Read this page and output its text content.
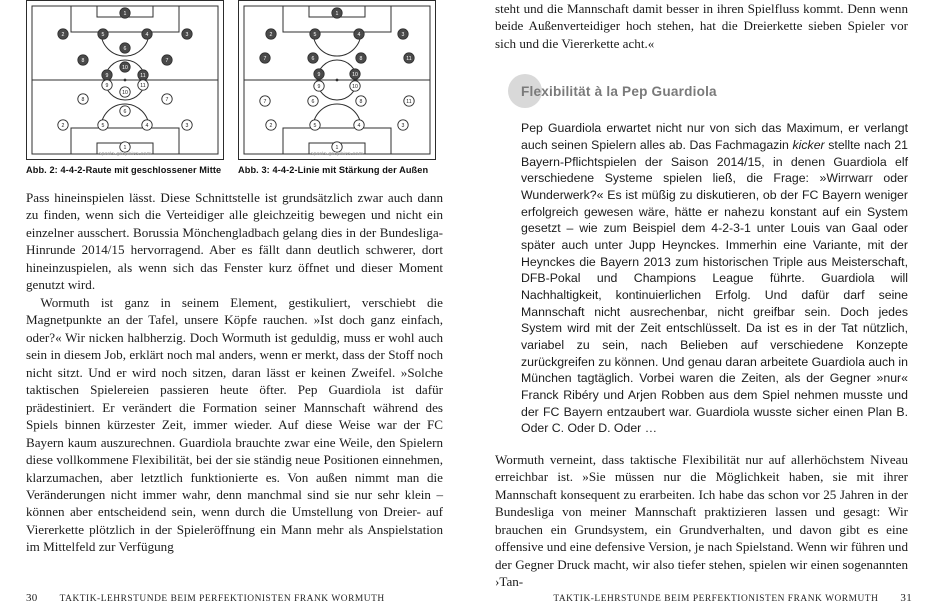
1
2	5	4	3
6
8	7
10
9	11
1
2	5	4	3
6
8	7
10
9	11
sports-graphics.com
Abb. 2: 4-4-2-Raute mit geschlossener Mitte
1
2	5	4	3
7	6	8	11
9	10
1
2	5	4	3
7	6	8	11
9	10
sports-graphics.com
Abb. 3: 4-4-2-Linie mit Stärkung der Außen

Pass hineinspielen lässt. Diese Schnittstelle ist grundsätzlich zwar auch dann zu finden, wenn sich die Verteidiger alle gleichzeitig bewegen und nicht ein einzelner ausschert. Borussia Mönchengladbach gelang dies in der Bundesliga-Hinrunde 2014/15 hervorragend. Aber es fällt dann deutlich schwerer, dort hineinzuspielen, als wenn sich das Fenster kurz öffnet und dieser Moment genutzt wird.

Wormuth ist ganz in seinem Element, gestikuliert, verschiebt die Magnetpunkte an der Tafel, unsere Köpfe rauchen. »Ist doch ganz einfach, oder?« Wir nicken halbherzig. Doch Wormuth ist geduldig, muss er wohl auch sein in diesem Job, erklärt noch mal anders, wenn er merkt, dass der Stoff noch nicht sitzt. Und er wird noch sitzen, daran lässt er keinen Zweifel. »Solche taktischen Spielereien passieren heute öfter. Pep Guardiola ist dafür prädestiniert. Er verändert die Formation seiner Mannschaft während des Spiels binnen kürzester Zeit, immer wieder. Auf diese Weise war der FC Bayern kaum auszurechnen. Guardiola brauchte zwar eine Weile, den Spielern diese vollkommene Flexibilität, bei der sie ständig neue Positionen einnehmen, klarzumachen, aber letztlich funktionierte es. Von außen nimmt man die Veränderungen nicht immer wahr, denn manchmal sind sie nur sehr klein – können aber entscheidend sein, wenn durch die Umstellung von Dreier- auf Viererkette plötzlich in der Spieleröffnung ein Mann mehr als Anspielstation im Mittelfeld zur Verfügung

30 TAKTIK-LEHRSTUNDE BEIM PERFEKTIONISTEN FRANK WORMUTH

steht und die Mannschaft damit besser in ihren Spielfluss kommt. Denn wenn beide Außenverteidiger hoch stehen, hat die Dreierkette sieben Spieler vor sich und die Viererkette acht.«

$_{Flexibilität à la Pep Guardiola}$

Pep Guardiola erwartet nicht nur von sich das Maximum, er verlangt auch seinen Spielern alles ab. Das Fachmagazin kicker stellte nach 21 Bayern-Pflichtspielen der Saison 2014/15, in denen Guardiola elf verschiedene Systeme spielen ließ, die Frage: »Wirrwarr oder Wunderwerk?« Es ist müßig zu diskutieren, ob der FC Bayern weniger erfolgreich gewesen wäre, hätte er nahezu konstant auf ein System gesetzt – wie zum Beispiel dem 4-2-3-1 unter Louis van Gaal oder später auch unter Jupp Heynckes. Immerhin eine Variante, mit der Heynckes die Bayern 2013 zum historischen Triple aus Meisterschaft, DFB-Pokal und Champions League führte. Guardiola will Nachhaltigkeit, kontinuierlichen Erfolg. Und dafür darf seine Mannschaft nicht ausrechenbar, nicht greifbar sein. Doch jedes System wird mit der Zeit entschlüsselt. Da ist es in der Tat nützlich, variabel zu sein, nach Belieben auf verschiedene Konzepte zurückgreifen zu können. Und genau daran arbeitete Guardiola auch in München tagtäglich. Vorbei waren die Zeiten, als der Gegner »nur« Franck Ribéry und Arjen Robben aus dem Spiel nehmen musste und der FC Bayern entzaubert war. Guardiola wusste sicher einen Plan B. Oder C. Oder D. Oder …

Wormuth verneint, dass taktische Flexibilität nur auf allerhöchstem Niveau erreichbar ist. »Sie müssen nur die Möglichkeit haben, sie mit ihrer Mannschaft konsequent zu erarbeiten. Ich habe das schon vor 25 Jahren in der Bundesliga von meiner Mannschaft praktizieren lassen und gesagt: Wir brauchen ein Grundsystem, ein Grundverhalten, und davon gibt es eine offensive und eine defensive Version, je nach Spielstand. Wenn wir führen und der Gegner Druck macht, wir also tiefer stehen, spielen wir einen sogenannten ›Tan-

TAKTIK-LEHRSTUNDE BEIM PERFEKTIONISTEN FRANK WORMUTH 31
